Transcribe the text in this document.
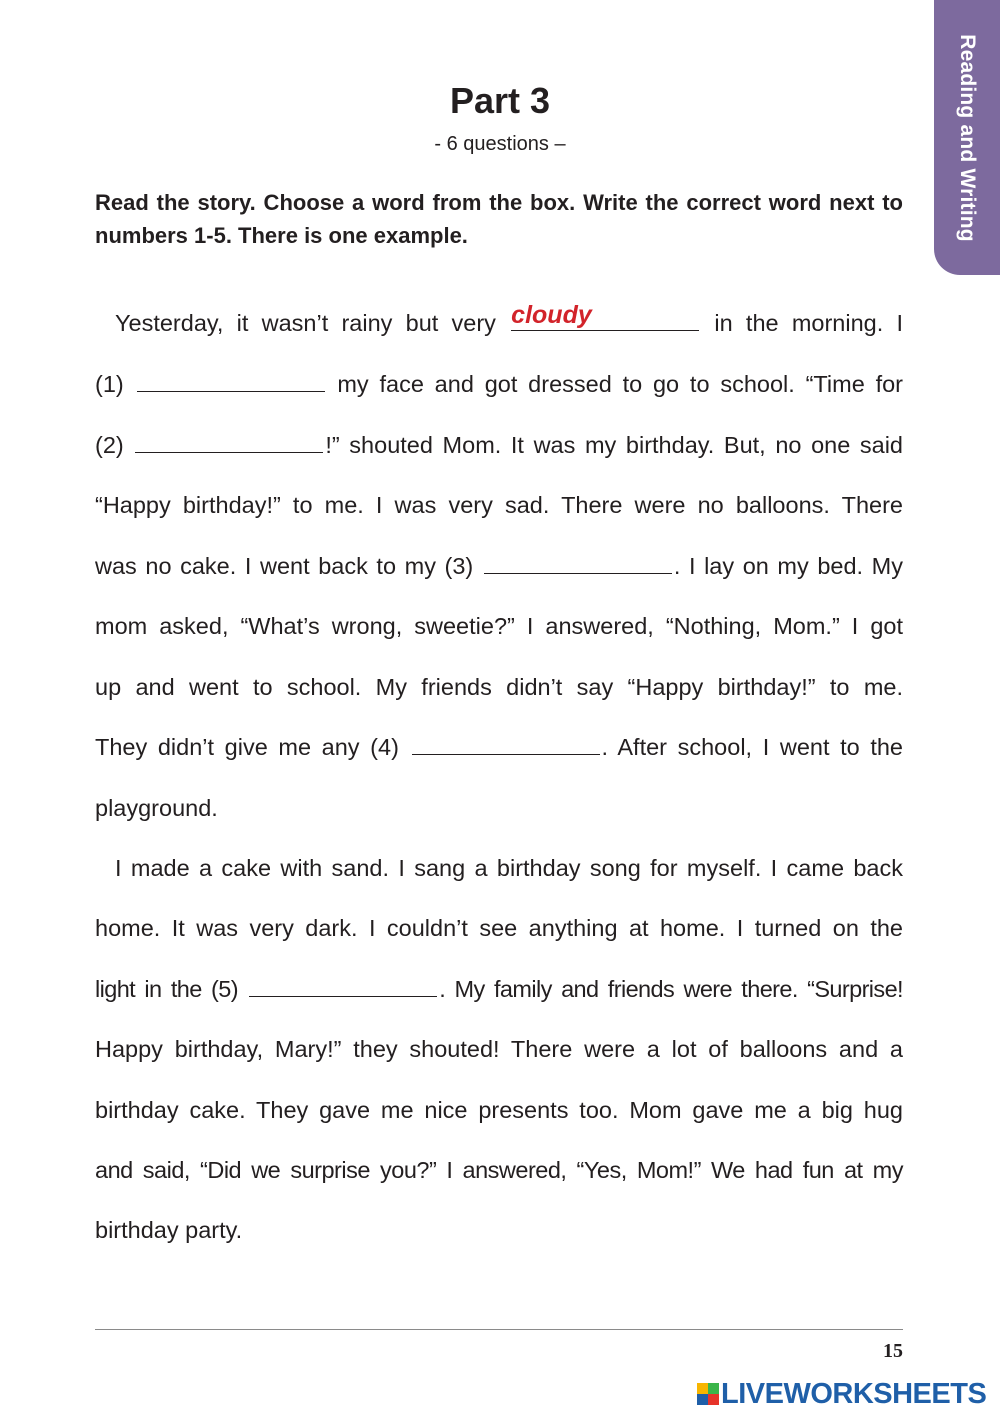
Reading and Writing
Part 3
- 6 questions –
Read the story. Choose a word from the box. Write the correct word next to numbers 1-5. There is one example.
Yesterday, it wasn’t rainy but very cloudy	in the morning. I
(1)	my face and got dressed to go to school. “Time for
(2)	!” shouted Mom. It was my birthday. But, no one said
“Happy birthday!” to me. I was very sad. There were no balloons. There
was no cake. I went back to my (3)	. I lay on my bed. My
mom asked, “What’s wrong, sweetie?” I answered, “Nothing, Mom.” I got
up and went to school. My friends didn’t say “Happy birthday!” to me.
They didn’t give me any (4)	. After school, I went to the
playground.
I made a cake with sand. I sang a birthday song for myself. I came back
home. It was very dark. I couldn’t see anything at home. I turned on the
light in the (5)	. My family and friends were there. “Surprise!
Happy birthday, Mary!” they shouted! There were a lot of balloons and a
birthday cake. They gave me nice presents too. Mom gave me a big hug
and said, “Did we surprise you?” I answered, “Yes, Mom!” We had fun at my
birthday party.
15
LIVEWORKSHEETS
